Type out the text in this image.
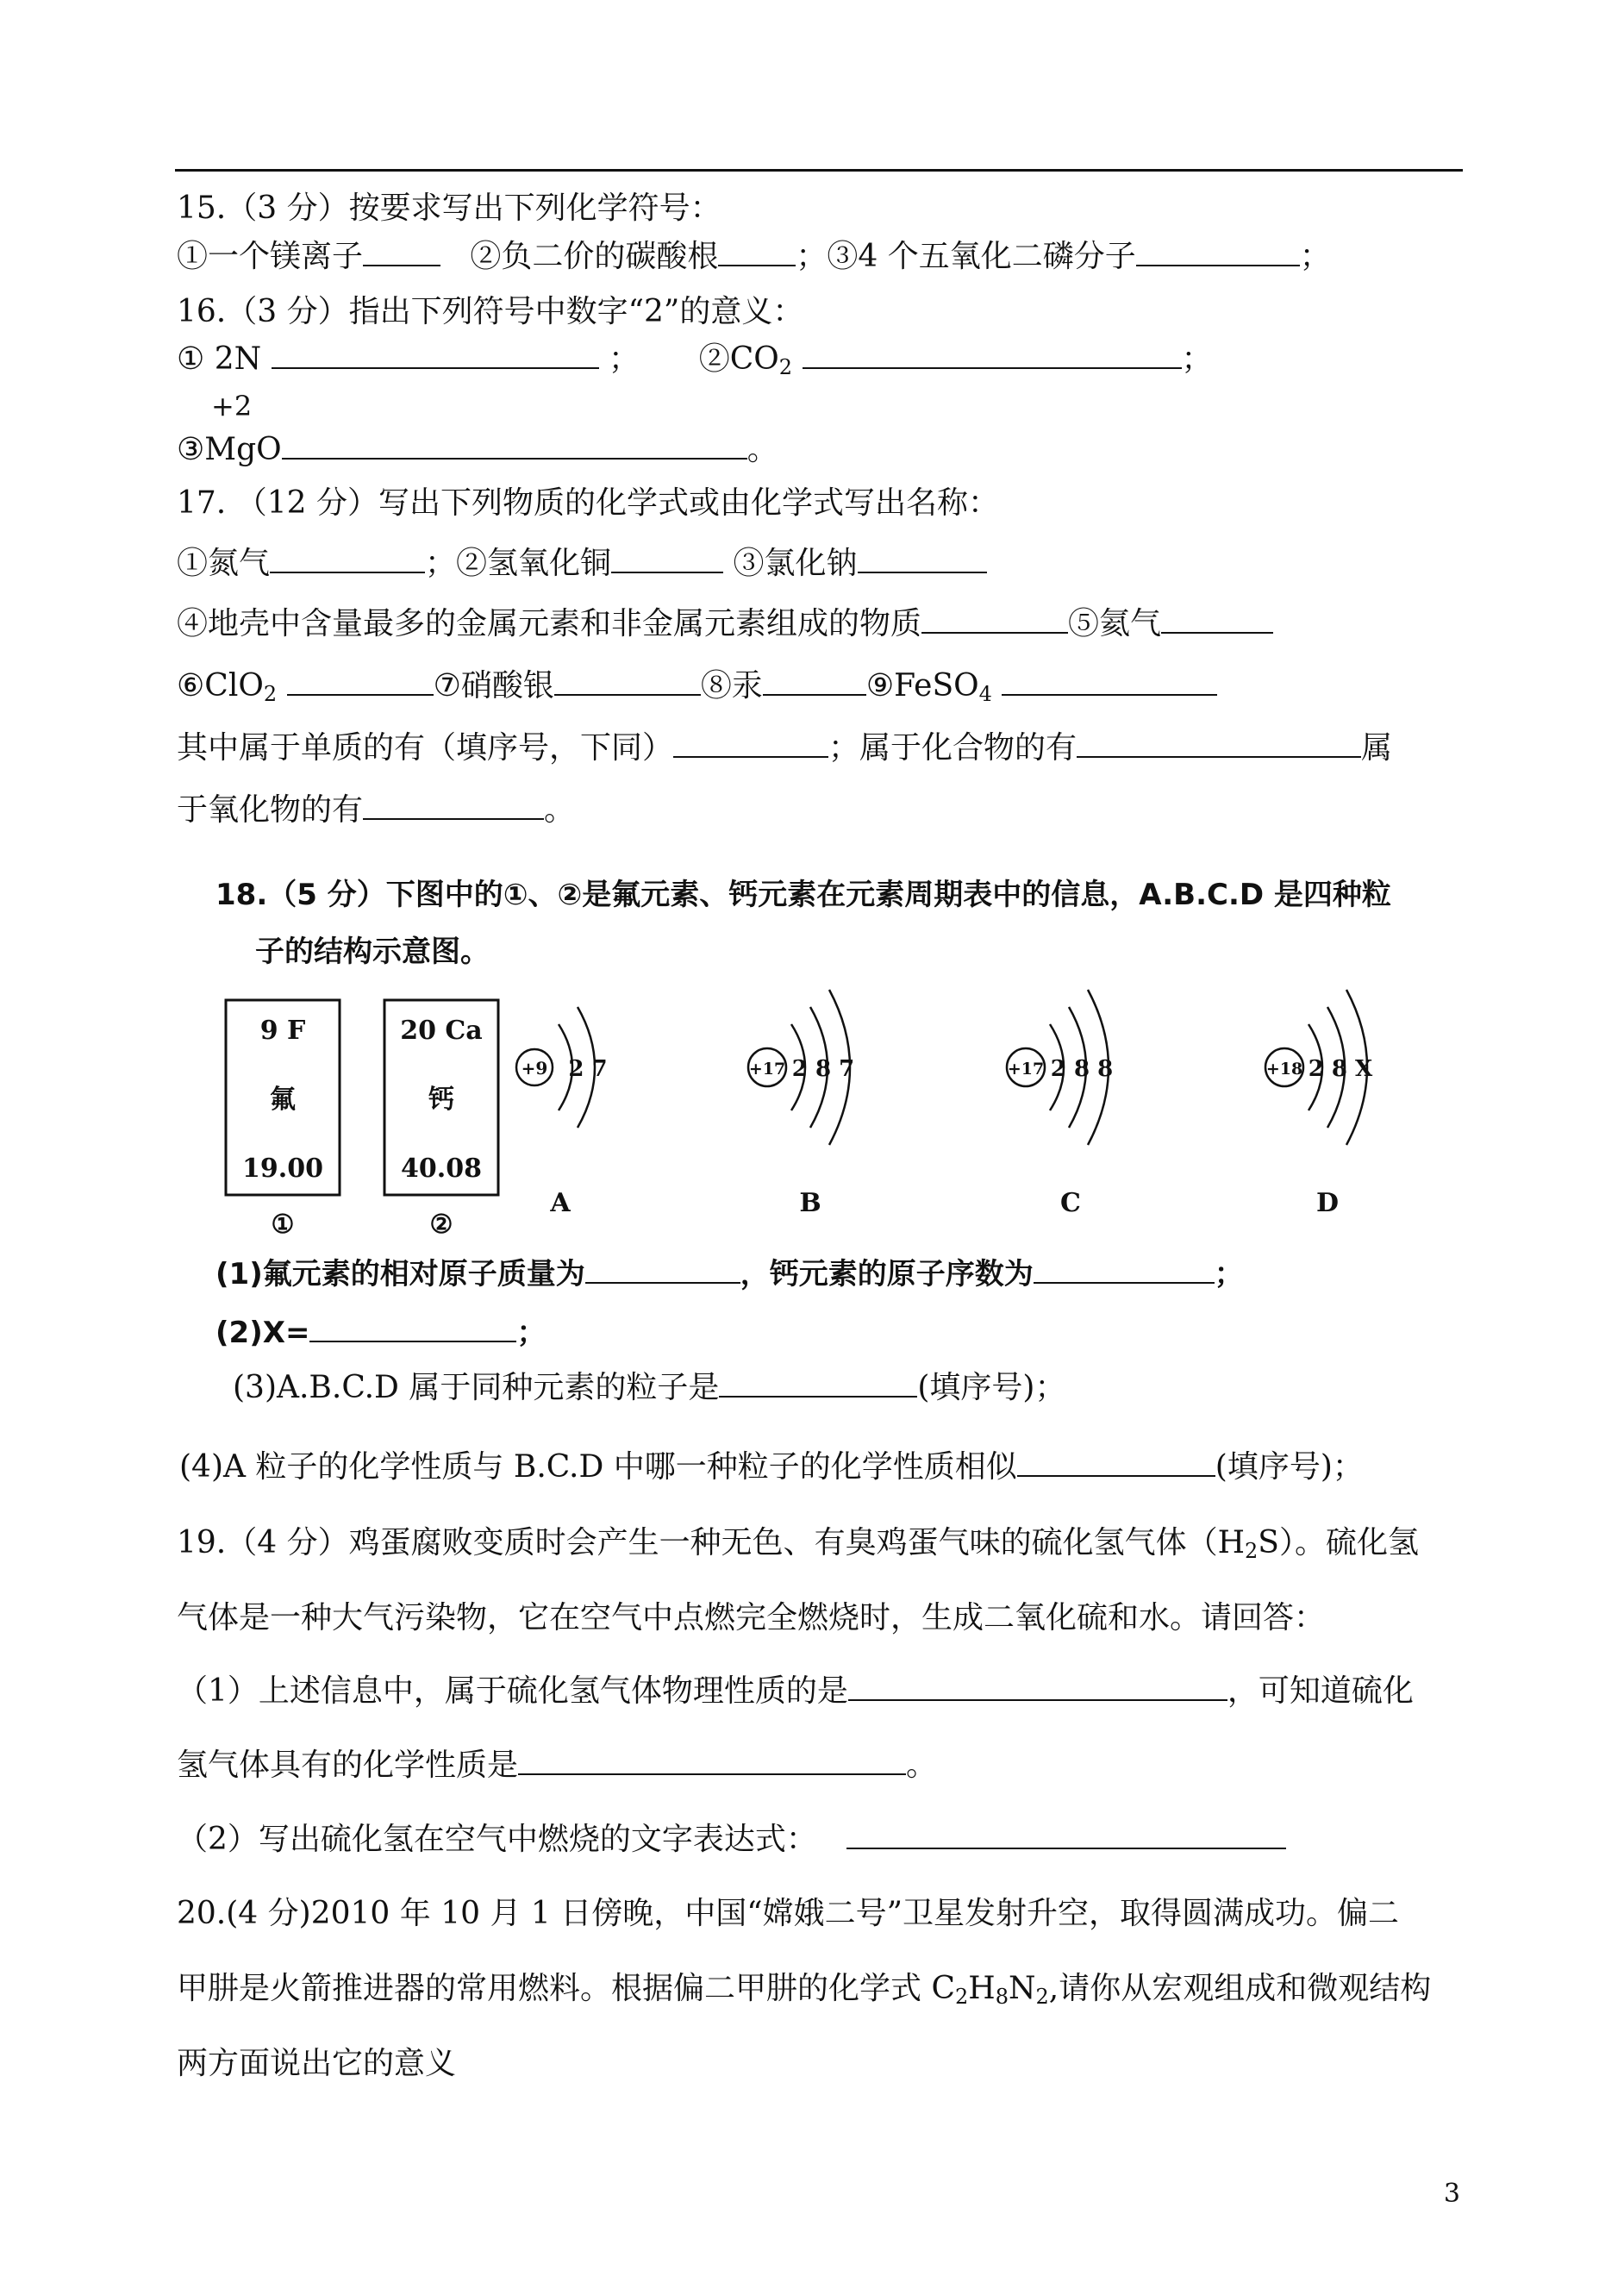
15.（3 分）按要求写出下列化学符号：
①一个镁离子	②负二价的碳酸根	；③4 个五氧化二磷分子	；
16.（3 分）指出下列符号中数字“2”的意义：
① 2N	； $②CO_2$	；
+2
③MgO	。
17. （12 分）写出下列物质的化学式或由化学式写出名称：
①氮气	；②氢氧化铜	③氯化钠
④地壳中含量最多的金属元素和非金属元素组成的物质	⑤氦气
⑥ClO$_2$	⑦硝酸银	⑧汞	⑨FeSO$_4$
其中属于单质的有（填序号，下同）	；属于化合物的有	属
于氧化物的有	。
18.（5 分）下图中的①、②是氟元素、钙元素在元素周期表中的信息，A.B.C.D 是四种粒
子的结构示意图。
9 F
氟
19.00
①
20 Ca
钙
40.08
②
+9 2 7
A
+17 2 8 7
B
+17 2 8 8
C
+18 2 8 X
D
(1)氟元素的相对原子质量为	，钙元素的原子序数为	；
(2)X=	；
(3)A.B.C.D 属于同种元素的粒子是	(填序号)；
(4)A 粒子的化学性质与 B.C.D 中哪一种粒子的化学性质相似	(填序号)；
19.（4 分）鸡蛋腐败变质时会产生一种无色、有臭鸡蛋气味的硫化氢气体$(H_2S)$。硫化氢
气体是一种大气污染物，它在空气中点燃完全燃烧时，生成二氧化硫和水。请回答：
（1）上述信息中，属于硫化氢气体物理性质的是	，可知道硫化
氢气体具有的化学性质是	。
（2）写出硫化氢在空气中燃烧的文字表达式：
20.(4 分)2010 年 10 月 1 日傍晚，中国“嫦娥二号”卫星发射升空，取得圆满成功。偏二
甲肼是火箭推进器的常用燃料。根据偏二甲肼的化学式 $C_2H_8N_2$,请你从宏观组成和微观结构
两方面说出它的意义
3
